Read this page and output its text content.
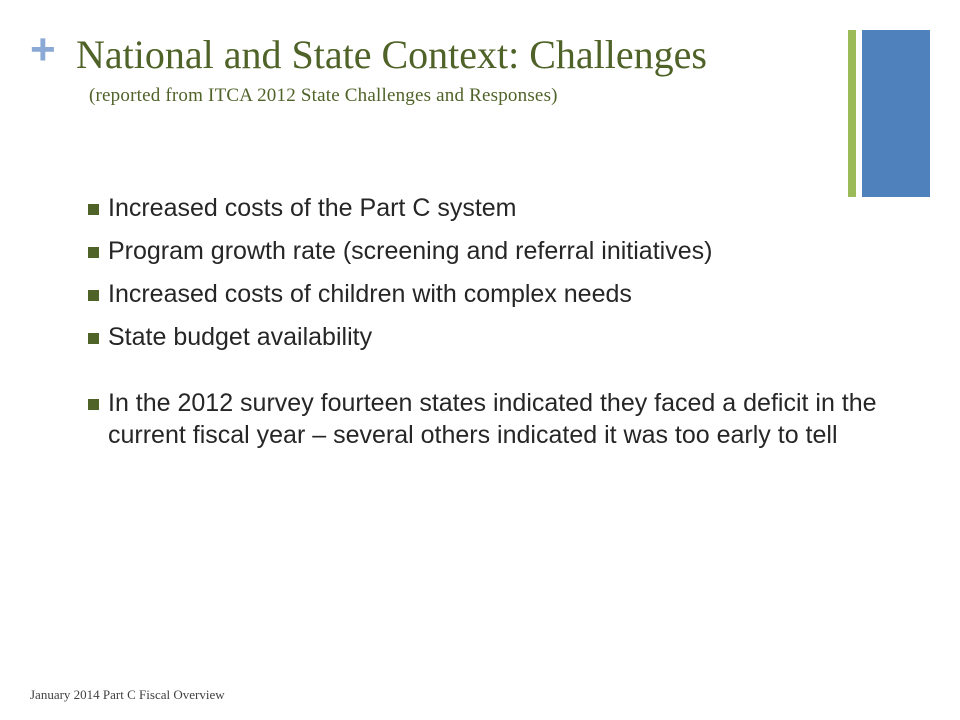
+ National and State Context: Challenges
(reported from ITCA 2012 State Challenges and Responses)
Increased costs of the Part C system
Program growth rate (screening and referral initiatives)
Increased costs of children with complex needs
State budget availability
In the 2012 survey fourteen states indicated they faced a deficit in the current fiscal year – several others indicated it was too early to tell
January 2014 Part C Fiscal Overview
